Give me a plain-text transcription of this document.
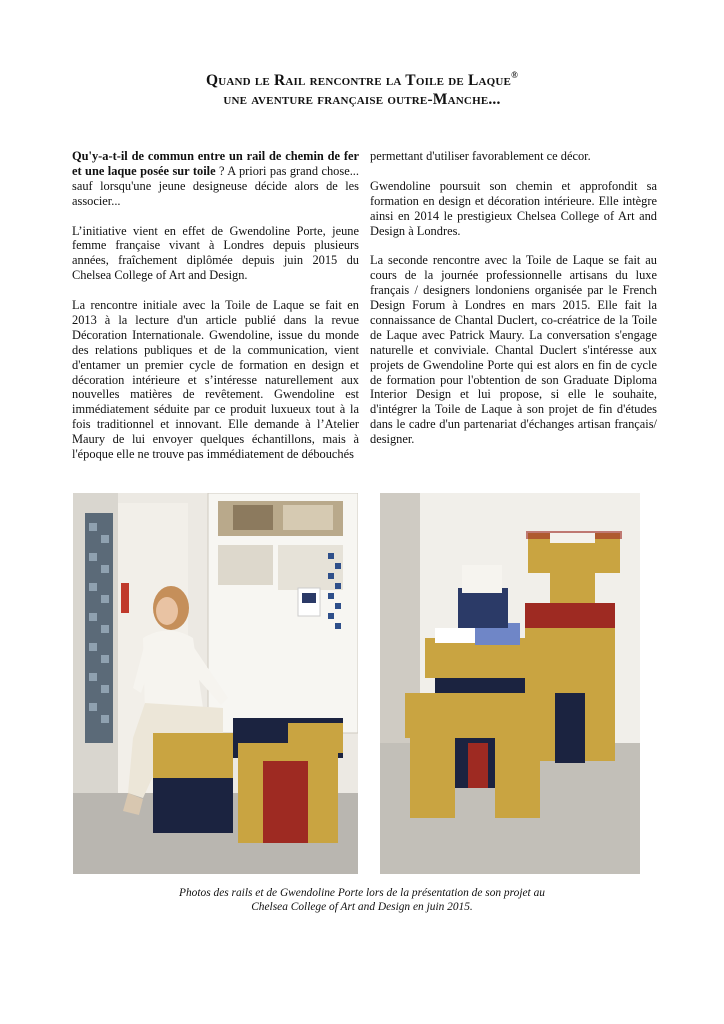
Quand le Rail rencontre la Toile de Laque®
une aventure française outre-Manche...

Qu'y-a-t-il de commun entre un rail de chemin de fer et une laque posée sur toile ? A priori pas grand chose... sauf lorsqu'une jeune designeuse décide alors de les associer...

L’initiative vient en effet de Gwendoline Porte, jeune femme française vivant à Londres depuis plusieurs années, fraîchement diplômée depuis juin 2015 du Chelsea College of Art and Design.

La rencontre initiale avec la Toile de Laque se fait en 2013 à la lecture d'un article publié dans la revue Décoration Internationale. Gwendoline, issue du monde des relations publiques et de la communication, vient d'entamer un premier cycle de formation en design et décoration intérieure et s’intéresse naturellement aux nouvelles matières de revêtement. Gwendoline est immédiatement séduite par ce produit luxueux tout à la fois traditionnel et innovant. Elle demande à l’Atelier Maury de lui envoyer quelques échantillons, mais à l'époque elle ne trouve pas immédiatement de débouchés

permettant d'utiliser favorablement ce décor.

Gwendoline poursuit son chemin et approfondit sa formation en design et décoration intérieure. Elle intègre ainsi en 2014 le prestigieux Chelsea College of Art and Design à Londres.

La seconde rencontre avec la Toile de Laque se fait au cours de la journée professionnelle artisans du luxe français / designers londoniens organisée par le French Design Forum à Londres en mars 2015. Elle fait la connaissance de Chantal Duclert, co-créatrice de la Toile de Laque avec Patrick Maury. La conversation s'engage naturelle et conviviale. Chantal Duclert s'intéresse aux projets de Gwendoline Porte qui est alors en fin de cycle de formation pour l'obtention de son Graduate Diploma Interior Design et lui propose, si elle le souhaite, d'intégrer la Toile de Laque à son projet de fin d'études dans le cadre d'un partenariat d'échanges artisan français/ designer.

Photos des rails et de Gwendoline Porte lors de la présentation de son projet au
Chelsea College of Art and Design en juin 2015.
